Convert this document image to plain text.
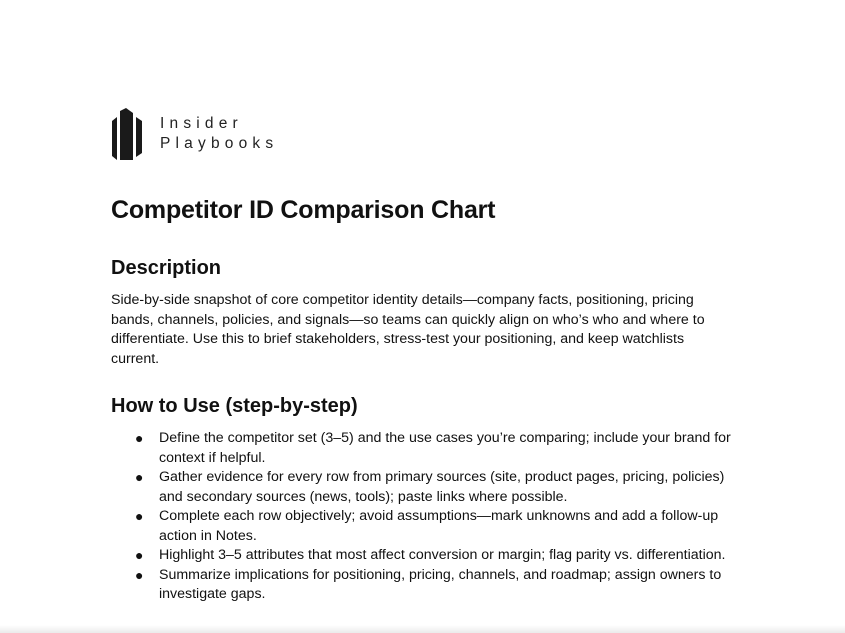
Insider
Playbooks
Competitor ID Comparison Chart
Description

Side-by-side snapshot of core competitor identity details—company facts, positioning, pricing bands, channels, policies, and signals—so teams can quickly align on who’s who and where to differentiate. Use this to brief stakeholders, stress-test your positioning, and keep watchlists current.

How to Use (step-by-step)
● Define the competitor set (3–5) and the use cases you’re comparing; include your brand for context if helpful.
● Gather evidence for every row from primary sources (site, product pages, pricing, policies) and secondary sources (news, tools); paste links where possible.
● Complete each row objectively; avoid assumptions—mark unknowns and add a follow-up action in Notes.
● Highlight 3–5 attributes that most affect conversion or margin; flag parity vs. differentiation.
● Summarize implications for positioning, pricing, channels, and roadmap; assign owners to investigate gaps.
